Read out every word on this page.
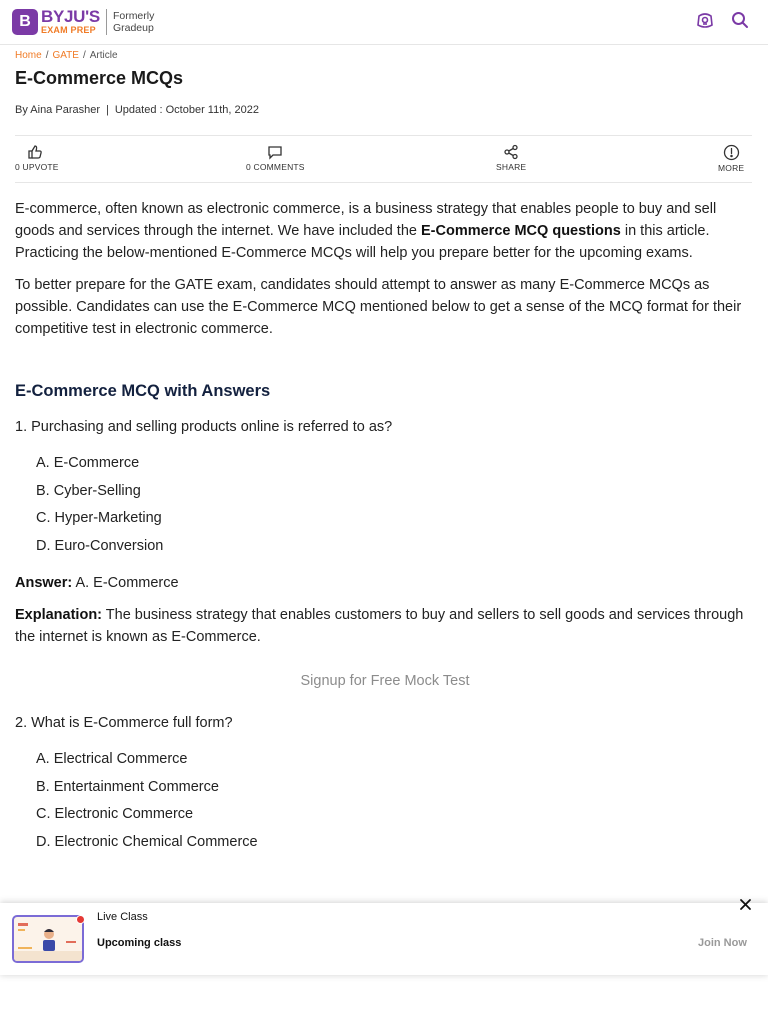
B BYJU'S
EXAM PREP
Formerly
Gradeup
Home / GATE / Article
E-Commerce MCQs
By Aina Parasher | Updated : October 11th, 2022
0 UPVOTE	0 COMMENTS	SHARE	MORE

E-commerce, often known as electronic commerce, is a business strategy that enables people to buy and sell goods and services through the internet. We have included the E-Commerce MCQ questions in this article. Practicing the below-mentioned E-Commerce MCQs will help you prepare better for the upcoming exams.

To better prepare for the GATE exam, candidates should attempt to answer as many E-Commerce MCQs as possible. Candidates can use the E-Commerce MCQ mentioned below to get a sense of the MCQ format for their competitive test in electronic commerce.

E-Commerce MCQ with Answers
1. Purchasing and selling products online is referred to as?
A. E-Commerce
B. Cyber-Selling
C. Hyper-Marketing
D. Euro-Conversion

Answer: A. E-Commerce

Explanation: The business strategy that enables customers to buy and sellers to sell goods and services through the internet is known as E-Commerce.

Signup for Free Mock Test
2. What is E-Commerce full form?
A. Electrical Commerce
B. Entertainment Commerce
C. Electronic Commerce
D. Electronic Chemical Commerce
Live Class
Upcoming class	Join Now
